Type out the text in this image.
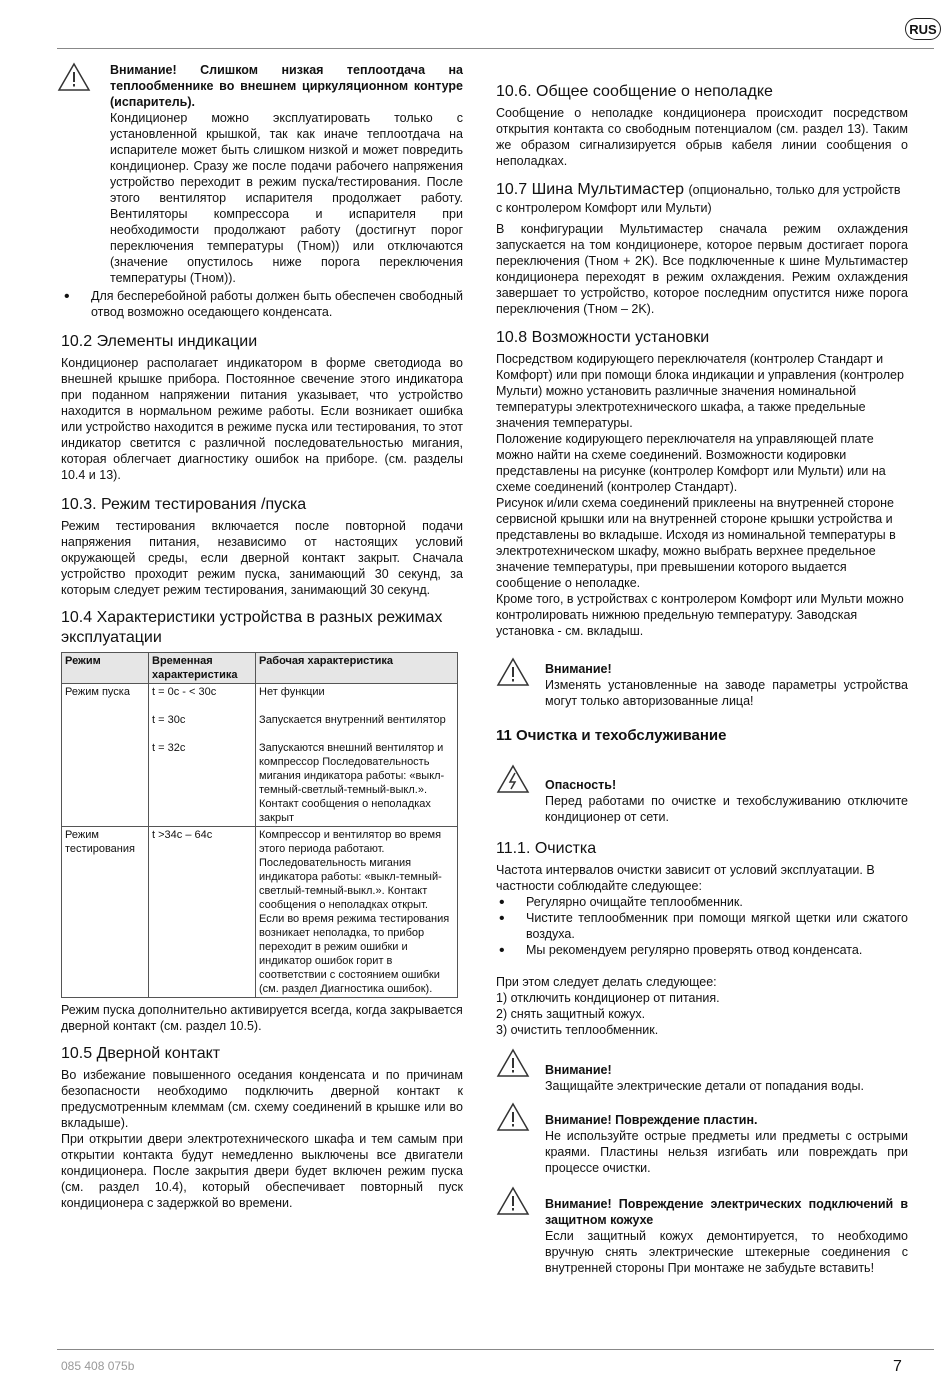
RUS

Внимание! Слишком низкая теплоотдача на теплообменнике во внешнем циркуляционном контуре (испаритель).

Кондиционер можно эксплуатировать только с установленной крышкой, так как иначе теплоотдача на испарителе может быть слишком низкой и может повредить кондиционер. Сразу же после подачи рабочего напряжения устройство переходит в режим пуска/тестирования. После этого вентилятор испарителя продолжает работу. Вентиляторы компрессора и испарителя при необходимости продолжают работу (достигнут порог переключения температуры (Tном)) или отключаются (значение опустилось ниже порога переключения температуры (Tном)).

• Для бесперебойной работы должен быть обеспечен свободный отвод возможно оседающего конденсата.

10.2 Элементы индикации

Кондиционер располагает индикатором в форме светодиода во внешней крышке прибора. Постоянное свечение этого индикатора при поданном напряжении питания указывает, что устройство находится в нормальном режиме работы. Если возникает ошибка или устройство находится в режиме пуска или тестирования, то этот индикатор светится с различной последовательностью мигания, которая облегчает диагностику ошибок на приборе. (см. разделы 10.4 и 13).

10.3. Режим тестирования /пуска

Режим тестирования включается после повторной подачи напряжения питания, независимо от настоящих условий окружающей среды, если дверной контакт закрыт. Сначала устройство проходит режим пуска, занимающий 30 секунд, за которым следует режим тестирования, занимающий 30 секунд.

10.4 Характеристики устройства в разных режимах эксплуатации
Режим	Временная характеристика	Рабочая характеристика
Режим пуска	t = 0с - < 30с	Нет функции
	t = 30с	Запускается внутренний вентилятор
	t = 32с	Запускаются внешний вентилятор и компрессор Последовательность мигания индикатора работы: «выкл-темный-светлый-темный-выкл.». Контакт сообщения о неполадках закрыт
Режим тестирования	t >34с – 64с	Компрессор и вентилятор во время этого периода работают. Последовательность мигания индикатора работы: «выкл-темный-светлый-темный-выкл.». Контакт сообщения о неполадках открыт. Если во время режима тестирования возникает неполадка, то прибор переходит в режим ошибки и индикатор ошибок горит в соответствии с состоянием ошибки (см. раздел Диагностика ошибок).

Режим пуска дополнительно активируется всегда, когда закрывается дверной контакт (см. раздел 10.5).

10.5 Дверной контакт

Во избежание повышенного оседания конденсата и по причинам безопасности необходимо подключить дверной контакт к предусмотренным клеммам (см. схему соединений в крышке или во вкладыше).

При открытии двери электротехнического шкафа и тем самым при открытии контакта будут немедленно выключены все двигатели кондиционера. После закрытия двери будет включен режим пуска (см. раздел 10.4), который обеспечивает повторный пуск кондиционера с задержкой во времени.

10.6. Общее сообщение о неполадке

Сообщение о неполадке кондиционера происходит посредством открытия контакта со свободным потенциалом (см. раздел 13). Таким же образом сигнализируется обрыв кабеля линии сообщения о неполадках.

10.7 Шина Мультимастер (опционально, только для устройств с контролером Комфорт или Мульти)

В конфигурации Мультимастер сначала режим охлаждения запускается на том кондиционере, которое первым достигает порога переключения (Tном + 2K). Все подключенные к шине Мультимастер кондиционера переходят в режим охлаждения. Режим охлаждения завершает то устройство, которое последним опустится ниже порога переключения (Tном – 2K).

10.8 Возможности установки

Посредством кодирующего переключателя (контролер Стандарт и Комфорт) или при помощи блока индикации и управления (контролер Мульти) можно установить различные значения номинальной температуры электротехнического шкафа, а также предельные значения температуры.

Положение кодирующего переключателя на управляющей плате можно найти на схеме соединений. Возможности кодировки представлены на рисунке (контролер Комфорт или Мульти) или на схеме соединений (контролер Стандарт).

Рисунок и/или схема соединений приклеены на внутренней стороне сервисной крышки или на внутренней стороне крышки устройства и представлены во вкладыше. Исходя из номинальной температуры в электротехническом шкафу, можно выбрать верхнее предельное значение температуры, при превышении которого выдается сообщение о неполадке.

Кроме того, в устройствах с контролером Комфорт или Мульти можно контролировать нижнюю предельную температуру. Заводская установка - см. вкладыш.

Внимание!

Изменять установленные на заводе параметры устройства могут только авторизованные лица!

11 Очистка и техобслуживание

Опасность!

Перед работами по очистке и техобслуживанию отключите кондиционер от сети.

11.1. Очистка

Частота интервалов очистки зависит от условий эксплуатации. В частности соблюдайте следующее:

• Регулярно очищайте теплообменник.

• Чистите теплообменник при помощи мягкой щетки или сжатого воздуха.

• Мы рекомендуем регулярно проверять отвод конденсата.

При этом следует делать следующее:

1) отключить кондиционер от питания.

2) снять защитный кожух.

3) очистить теплообменник.

Внимание!

Защищайте электрические детали от попадания воды.

Внимание! Повреждение пластин.

Не используйте острые предметы или предметы с острыми краями. Пластины нельзя изгибать или повреждать при процессе очистки.

Внимание! Повреждение электрических подключений в защитном кожухе

Если защитный кожух демонтируется, то необходимо вручную снять электрические штекерные соединения с внутренней стороны При монтаже не забудьте вставить!

085 408 075b	7
